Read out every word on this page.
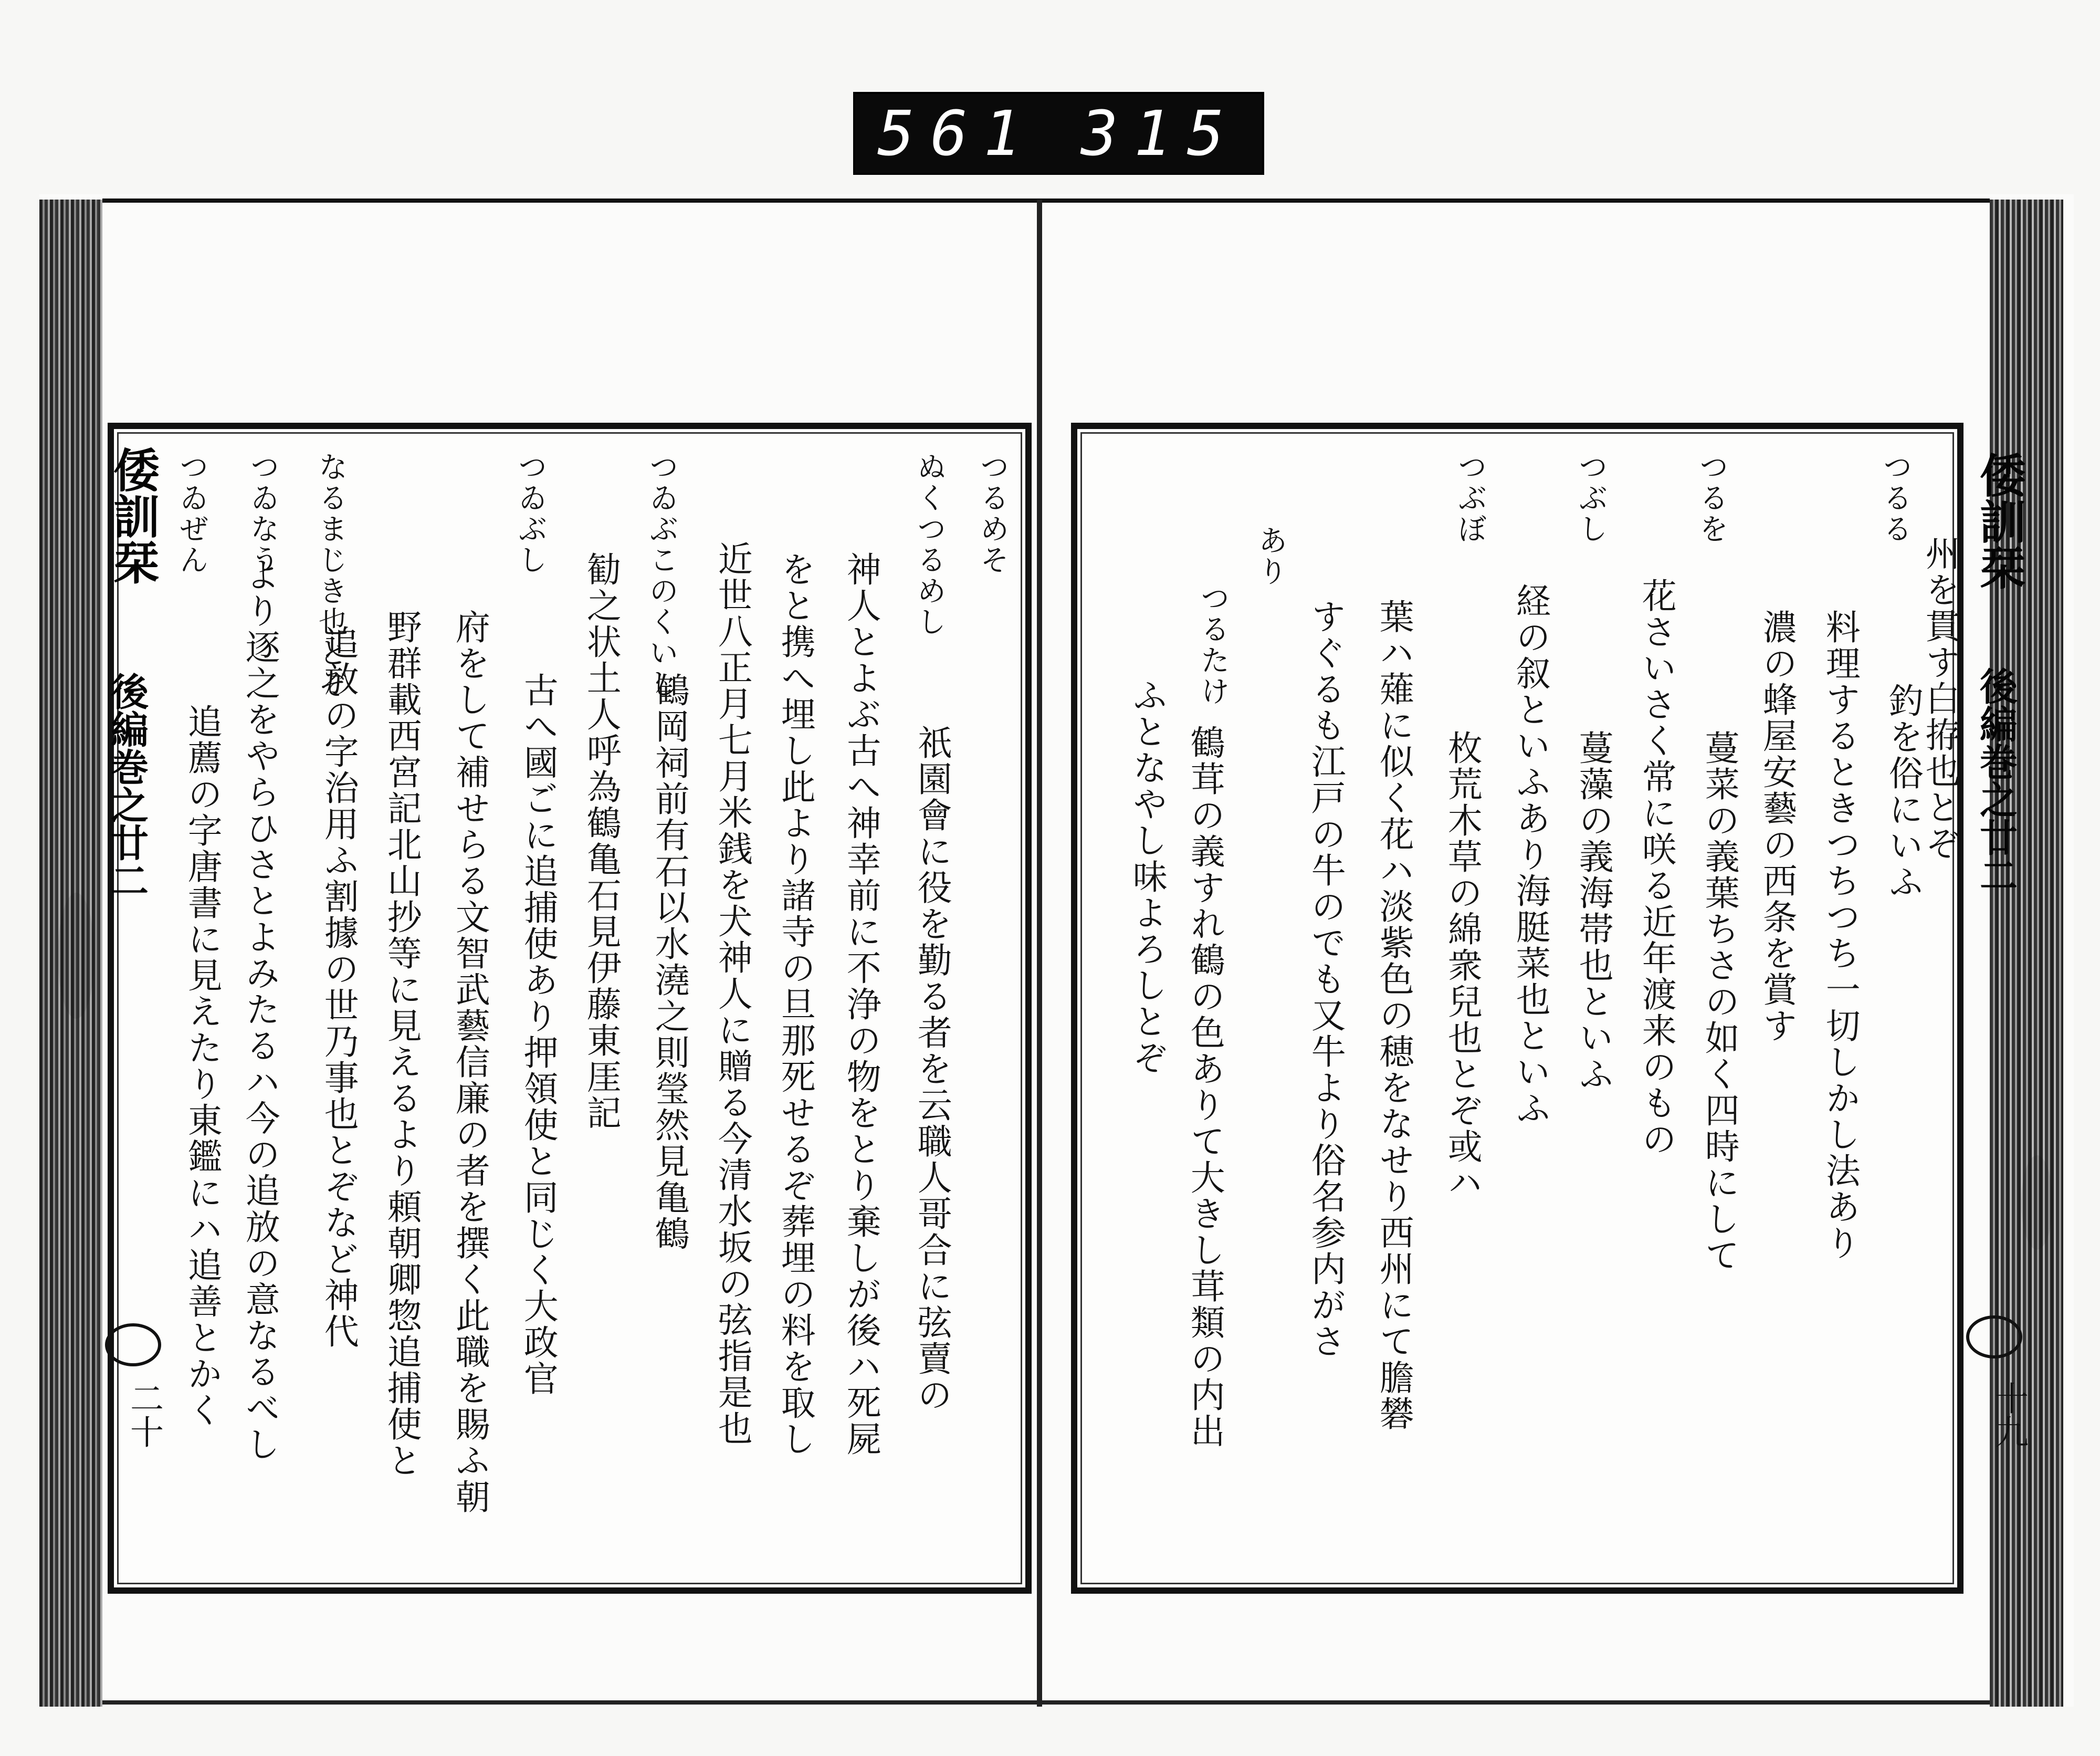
561 315
倭訓栞
後編巻之廿二
二十
つゐぜん
より逐之をやらひさとよみたるハ今の追放の意なるべし
つゐなう
追薦の字唐書に見えたり東鑑にハ追善とかく	追放の字治用ふ割據の世乃事也とぞなど神代
なるまじき也とぞ
野群載西宮記北山抄等に見えるより頼朝卿惣追捕使と 府をして補せらる文智武藝信廉の者を撰く此職を賜ふ朝
つゐぶし
古へ國ごに追捕使あり押領使と同じく大政官 勧之状土人呼為鶴亀石見伊藤東厓記 つゐぶこのくいし
鶴岡祠前有石以水澆之則瑩然見亀鶴 近世八正月七月米銭を犬神人に贈る今清水坂の弦指是也 をと携へ埋し此より諸寺の旦那死せるぞ葬埋の料を取し 神人とよぶ古へ神幸前に不浄の物をとり棄しが後ハ死屍
ぬくつるめし
祇園會に役を勤る者を云職人哥合に弦賣の
つるめそ	倭訓栞
後編巻之廿二
十九
ふとなやし味よろしとぞ
つるたけ
鶴茸の義すれ鶴の色ありて大きし茸類の内出
あり
すぐるも江戸の牛のでも又牛より俗名参内がさ 葉ハ薙に似く花ハ淡紫色の穂をなせり西州にて膽礬 枚荒木草の綿衆兒也とぞ或ハ
つぶぼ
経の叙といふあり海脡菜也といふ
つぶし
蔓藻の義海帯也といふ 花さいさく常に咲る近年渡来のもの
つるを
蔓菜の義葉ちさの如く四時にして 濃の蜂屋安藝の西条を賞す 料理するときつちつち一切しかし法あり
つるる
釣を俗にいふ
州を貫す白拵也とぞ
